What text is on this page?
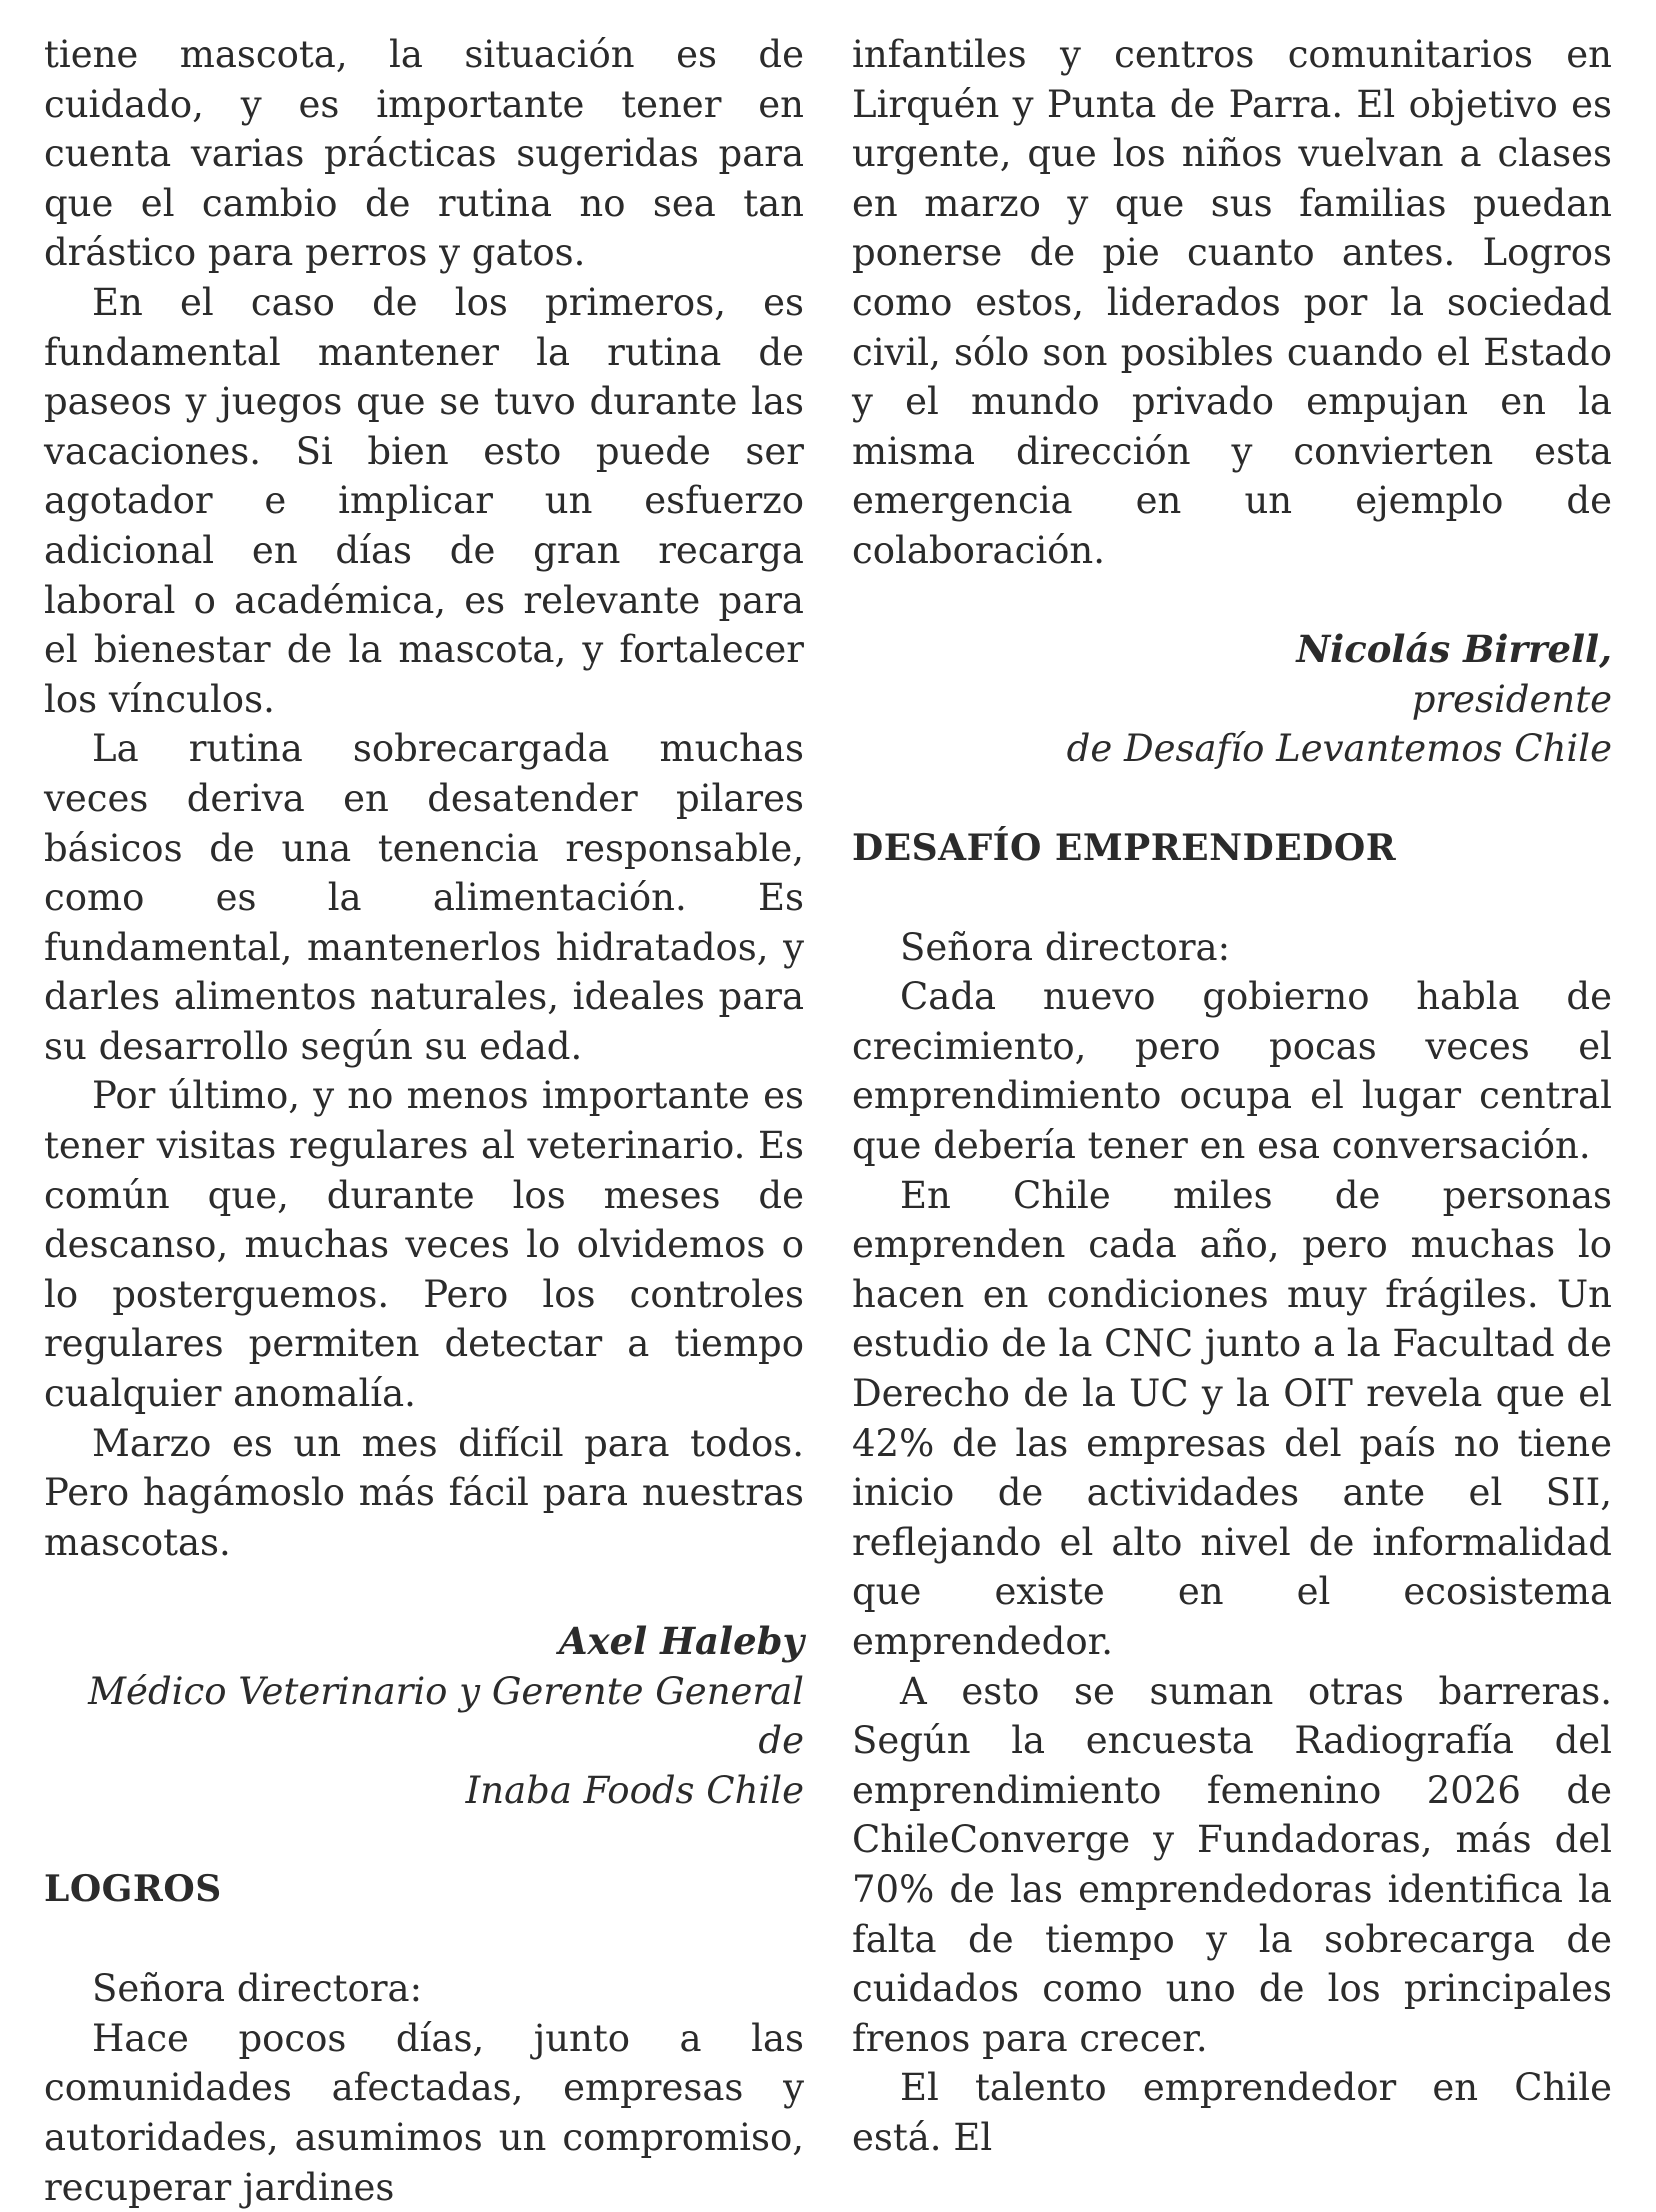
tiene mascota, la situación es de cuidado, y es importante tener en cuenta varias prácticas sugeridas para que el cambio de rutina no sea tan drástico para perros y gatos.

En el caso de los primeros, es fundamental mantener la rutina de paseos y juegos que se tuvo durante las vacaciones. Si bien esto puede ser agotador e implicar un esfuerzo adicional en días de gran recarga laboral o académica, es relevante para el bienestar de la mascota, y fortalecer los vínculos.

La rutina sobrecargada muchas veces deriva en desatender pilares básicos de una tenencia responsable, como es la alimentación. Es fundamental, mantenerlos hidratados, y darles alimentos naturales, ideales para su desarrollo según su edad.

Por último, y no menos importante es tener visitas regulares al veterinario. Es común que, durante los meses de descanso, muchas veces lo olvidemos o lo posterguemos. Pero los controles regulares permiten detectar a tiempo cualquier anomalía.

Marzo es un mes difícil para todos. Pero hagámoslo más fácil para nuestras mascotas.

Axel Haleby
Médico Veterinario y Gerente General de
Inaba Foods Chile

LOGROS

Señora directora:

Hace pocos días, junto a las comunidades afectadas, empresas y autoridades, asumimos un compromiso, recuperar jardines

infantiles y centros comunitarios en Lirquén y Punta de Parra. El objetivo es urgente, que los niños vuelvan a clases en marzo y que sus familias puedan ponerse de pie cuanto antes. Logros como estos, liderados por la sociedad civil, sólo son posibles cuando el Estado y el mundo privado empujan en la misma dirección y convierten esta emergencia en un ejemplo de colaboración.

Nicolás Birrell,
presidente
de Desafío Levantemos Chile

DESAFÍO EMPRENDEDOR

Señora directora:

Cada nuevo gobierno habla de crecimiento, pero pocas veces el emprendimiento ocupa el lugar central que debería tener en esa conversación.

En Chile miles de personas emprenden cada año, pero muchas lo hacen en condiciones muy frágiles. Un estudio de la CNC junto a la Facultad de Derecho de la UC y la OIT revela que el 42% de las empresas del país no tiene inicio de actividades ante el SII, reflejando el alto nivel de informalidad que existe en el ecosistema emprendedor.

A esto se suman otras barreras. Según la encuesta Radiografía del emprendimiento femenino 2026 de ChileConverge y Fundadoras, más del 70% de las emprendedoras identifica la falta de tiempo y la sobrecarga de cuidados como uno de los principales frenos para crecer.

El talento emprendedor en Chile está. El
